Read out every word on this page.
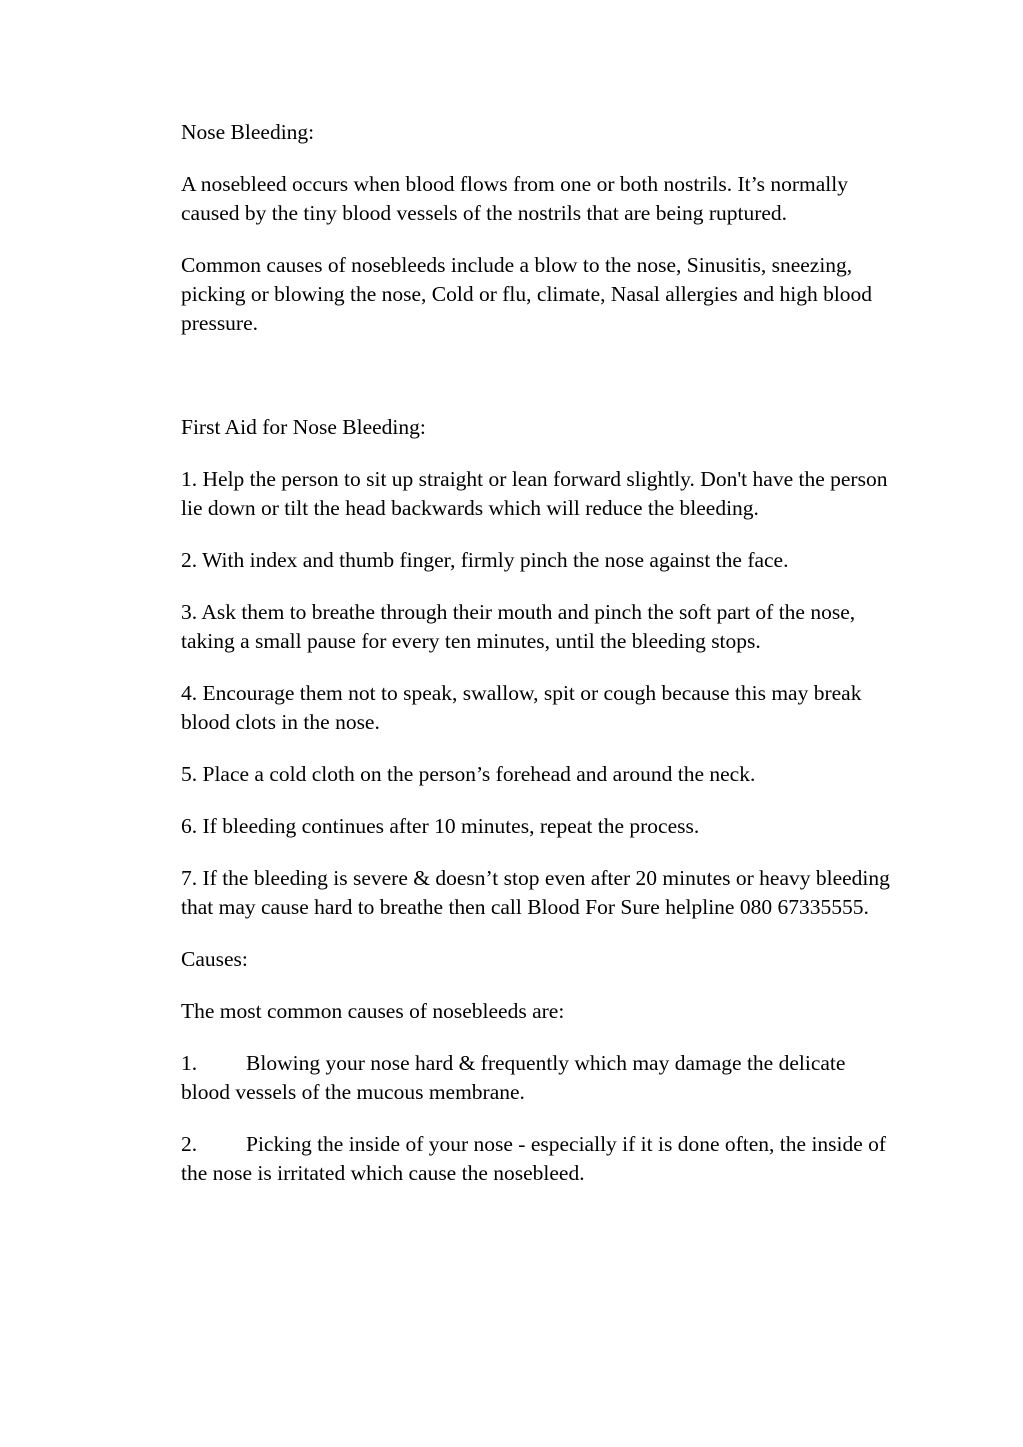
Nose Bleeding:

A nosebleed occurs when blood flows from one or both nostrils. It’s normally caused by the tiny blood vessels of the nostrils that are being ruptured.

Common causes of nosebleeds include a blow to the nose, Sinusitis, sneezing, picking or blowing the nose, Cold or flu, climate, Nasal allergies and high blood pressure.

First Aid for Nose Bleeding:

1. Help the person to sit up straight or lean forward slightly. Don't have the person lie down or tilt the head backwards which will reduce the bleeding.

2. With index and thumb finger, firmly pinch the nose against the face.

3. Ask them to breathe through their mouth and pinch the soft part of the nose, taking a small pause for every ten minutes, until the bleeding stops.

4. Encourage them not to speak, swallow, spit or cough because this may break blood clots in the nose.

5. Place a cold cloth on the person’s forehead and around the neck.

6. If bleeding continues after 10 minutes, repeat the process.

7. If the bleeding is severe & doesn’t stop even after 20 minutes or heavy bleeding that may cause hard to breathe then call Blood For Sure helpline 080 67335555.

Causes:

The most common causes of nosebleeds are:

1. Blowing your nose hard & frequently which may damage the delicate blood vessels of the mucous membrane.

2. Picking the inside of your nose - especially if it is done often, the inside of the nose is irritated which cause the nosebleed.
